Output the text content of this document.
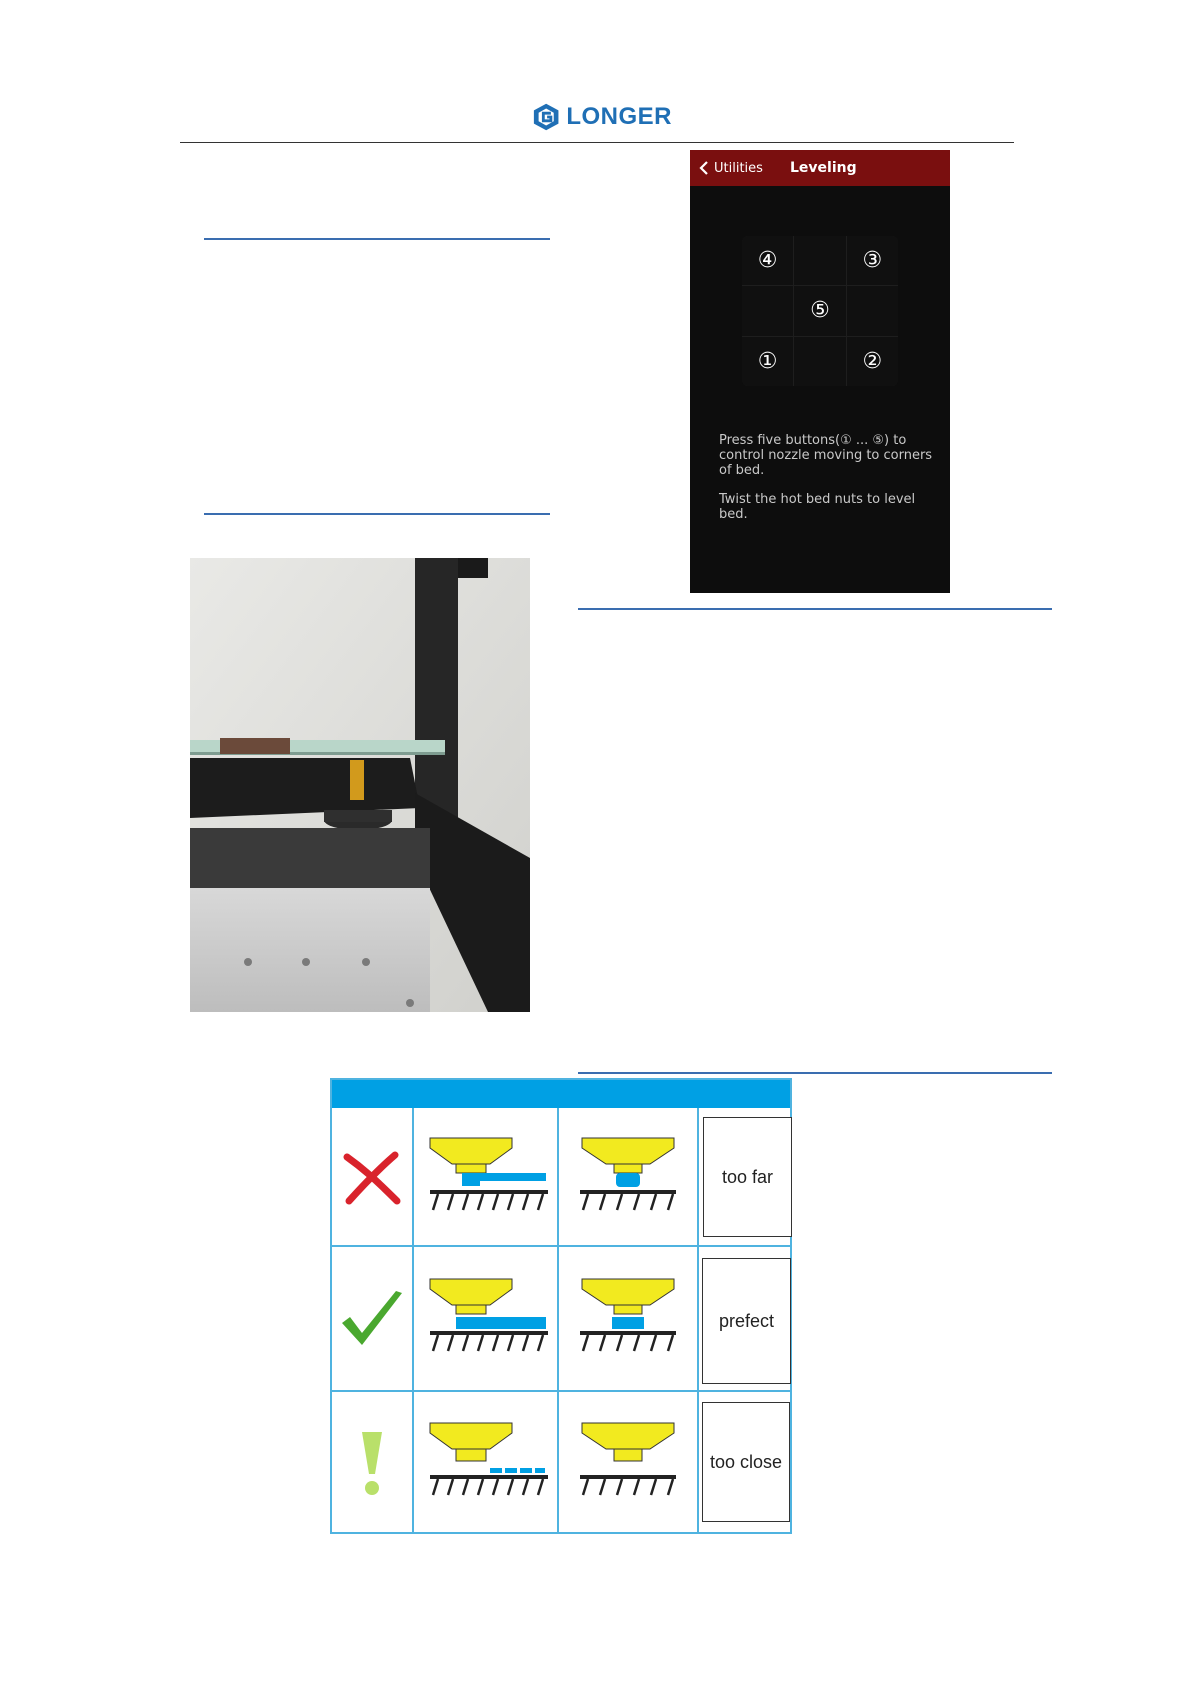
LONGER
Utilities Leveling
④	③
⑤
①	②

Press five buttons(① ... ⑤) to control nozzle moving to corners of bed.

Twist the hot bed nuts to level bed.

too far
prefect
too close
